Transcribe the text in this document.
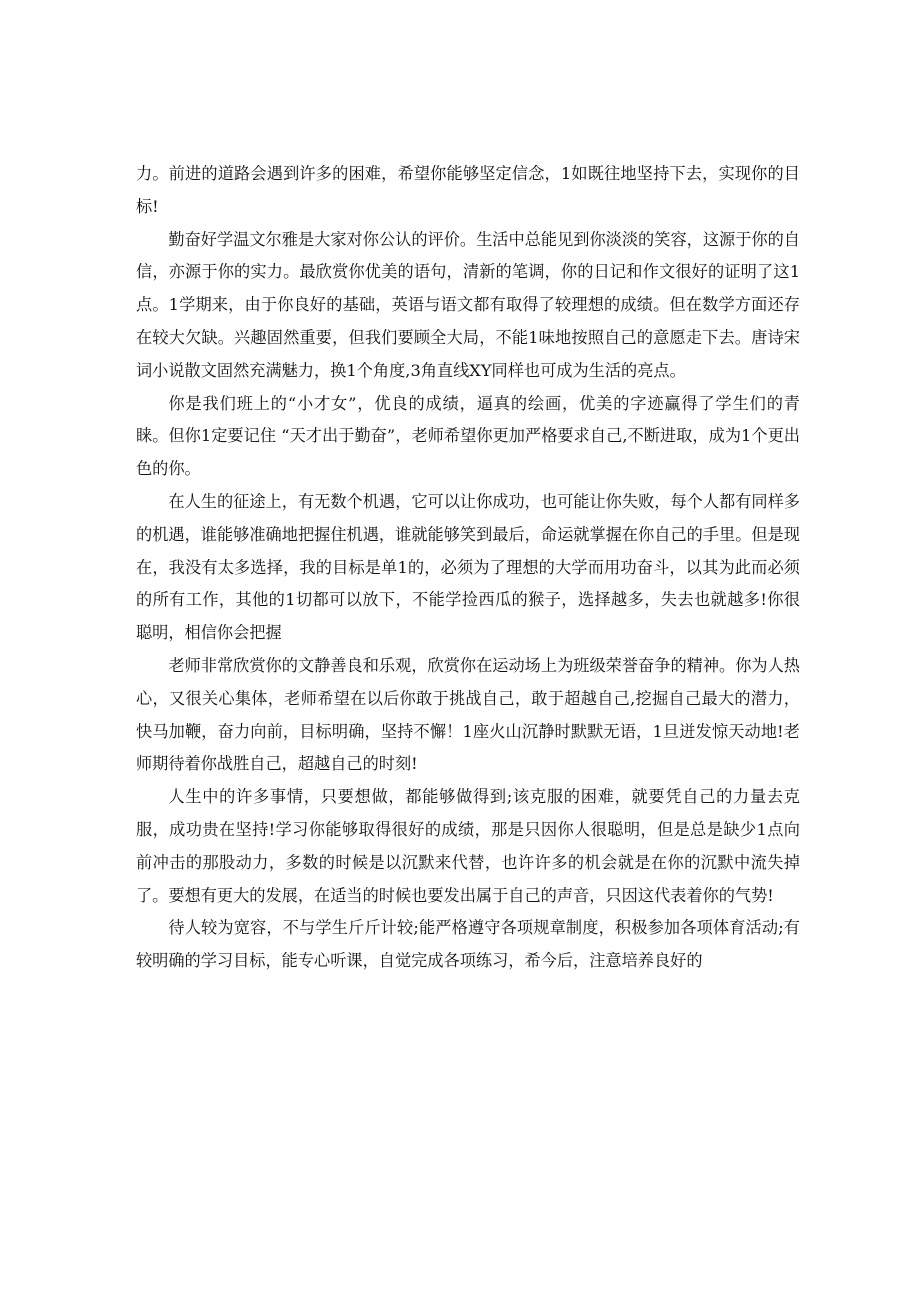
力。前进的道路会遇到许多的困难，希望你能够坚定信念，1如既往地坚持下去，实现你的目标!

勤奋好学温文尔雅是大家对你公认的评价。生活中总能见到你淡淡的笑容，这源于你的自信，亦源于你的实力。最欣赏你优美的语句，清新的笔调，你的日记和作文很好的证明了这1点。1学期来，由于你良好的基础，英语与语文都有取得了较理想的成绩。但在数学方面还存在较大欠缺。兴趣固然重要，但我们要顾全大局，不能1味地按照自己的意愿走下去。唐诗宋词小说散文固然充满魅力，换1个角度,3角直线XY同样也可成为生活的亮点。

你是我们班上的“小才女”，优良的成绩，逼真的绘画，优美的字迹赢得了学生们的青睐。但你1定要记住 “天才出于勤奋”，老师希望你更加严格要求自己,不断进取，成为1个更出色的你。

在人生的征途上，有无数个机遇，它可以让你成功，也可能让你失败，每个人都有同样多的机遇，谁能够准确地把握住机遇，谁就能够笑到最后，命运就掌握在你自己的手里。但是现在，我没有太多选择，我的目标是单1的，必须为了理想的大学而用功奋斗，以其为此而必须的所有工作，其他的1切都可以放下，不能学捡西瓜的猴子，选择越多，失去也就越多!你很聪明，相信你会把握

老师非常欣赏你的文静善良和乐观，欣赏你在运动场上为班级荣誉奋争的精神。你为人热心，又很关心集体，老师希望在以后你敢于挑战自己，敢于超越自己,挖掘自己最大的潜力，快马加鞭，奋力向前，目标明确，坚持不懈！1座火山沉静时默默无语，1旦迸发惊天动地!老师期待着你战胜自己，超越自己的时刻!

人生中的许多事情，只要想做，都能够做得到;该克服的困难，就要凭自己的力量去克服，成功贵在坚持!学习你能够取得很好的成绩，那是只因你人很聪明，但是总是缺少1点向前冲击的那股动力，多数的时候是以沉默来代替，也许许多的机会就是在你的沉默中流失掉了。要想有更大的发展，在适当的时候也要发出属于自己的声音，只因这代表着你的气势!

待人较为宽容，不与学生斤斤计较;能严格遵守各项规章制度，积极参加各项体育活动;有较明确的学习目标，能专心听课，自觉完成各项练习，希今后，注意培养良好的
